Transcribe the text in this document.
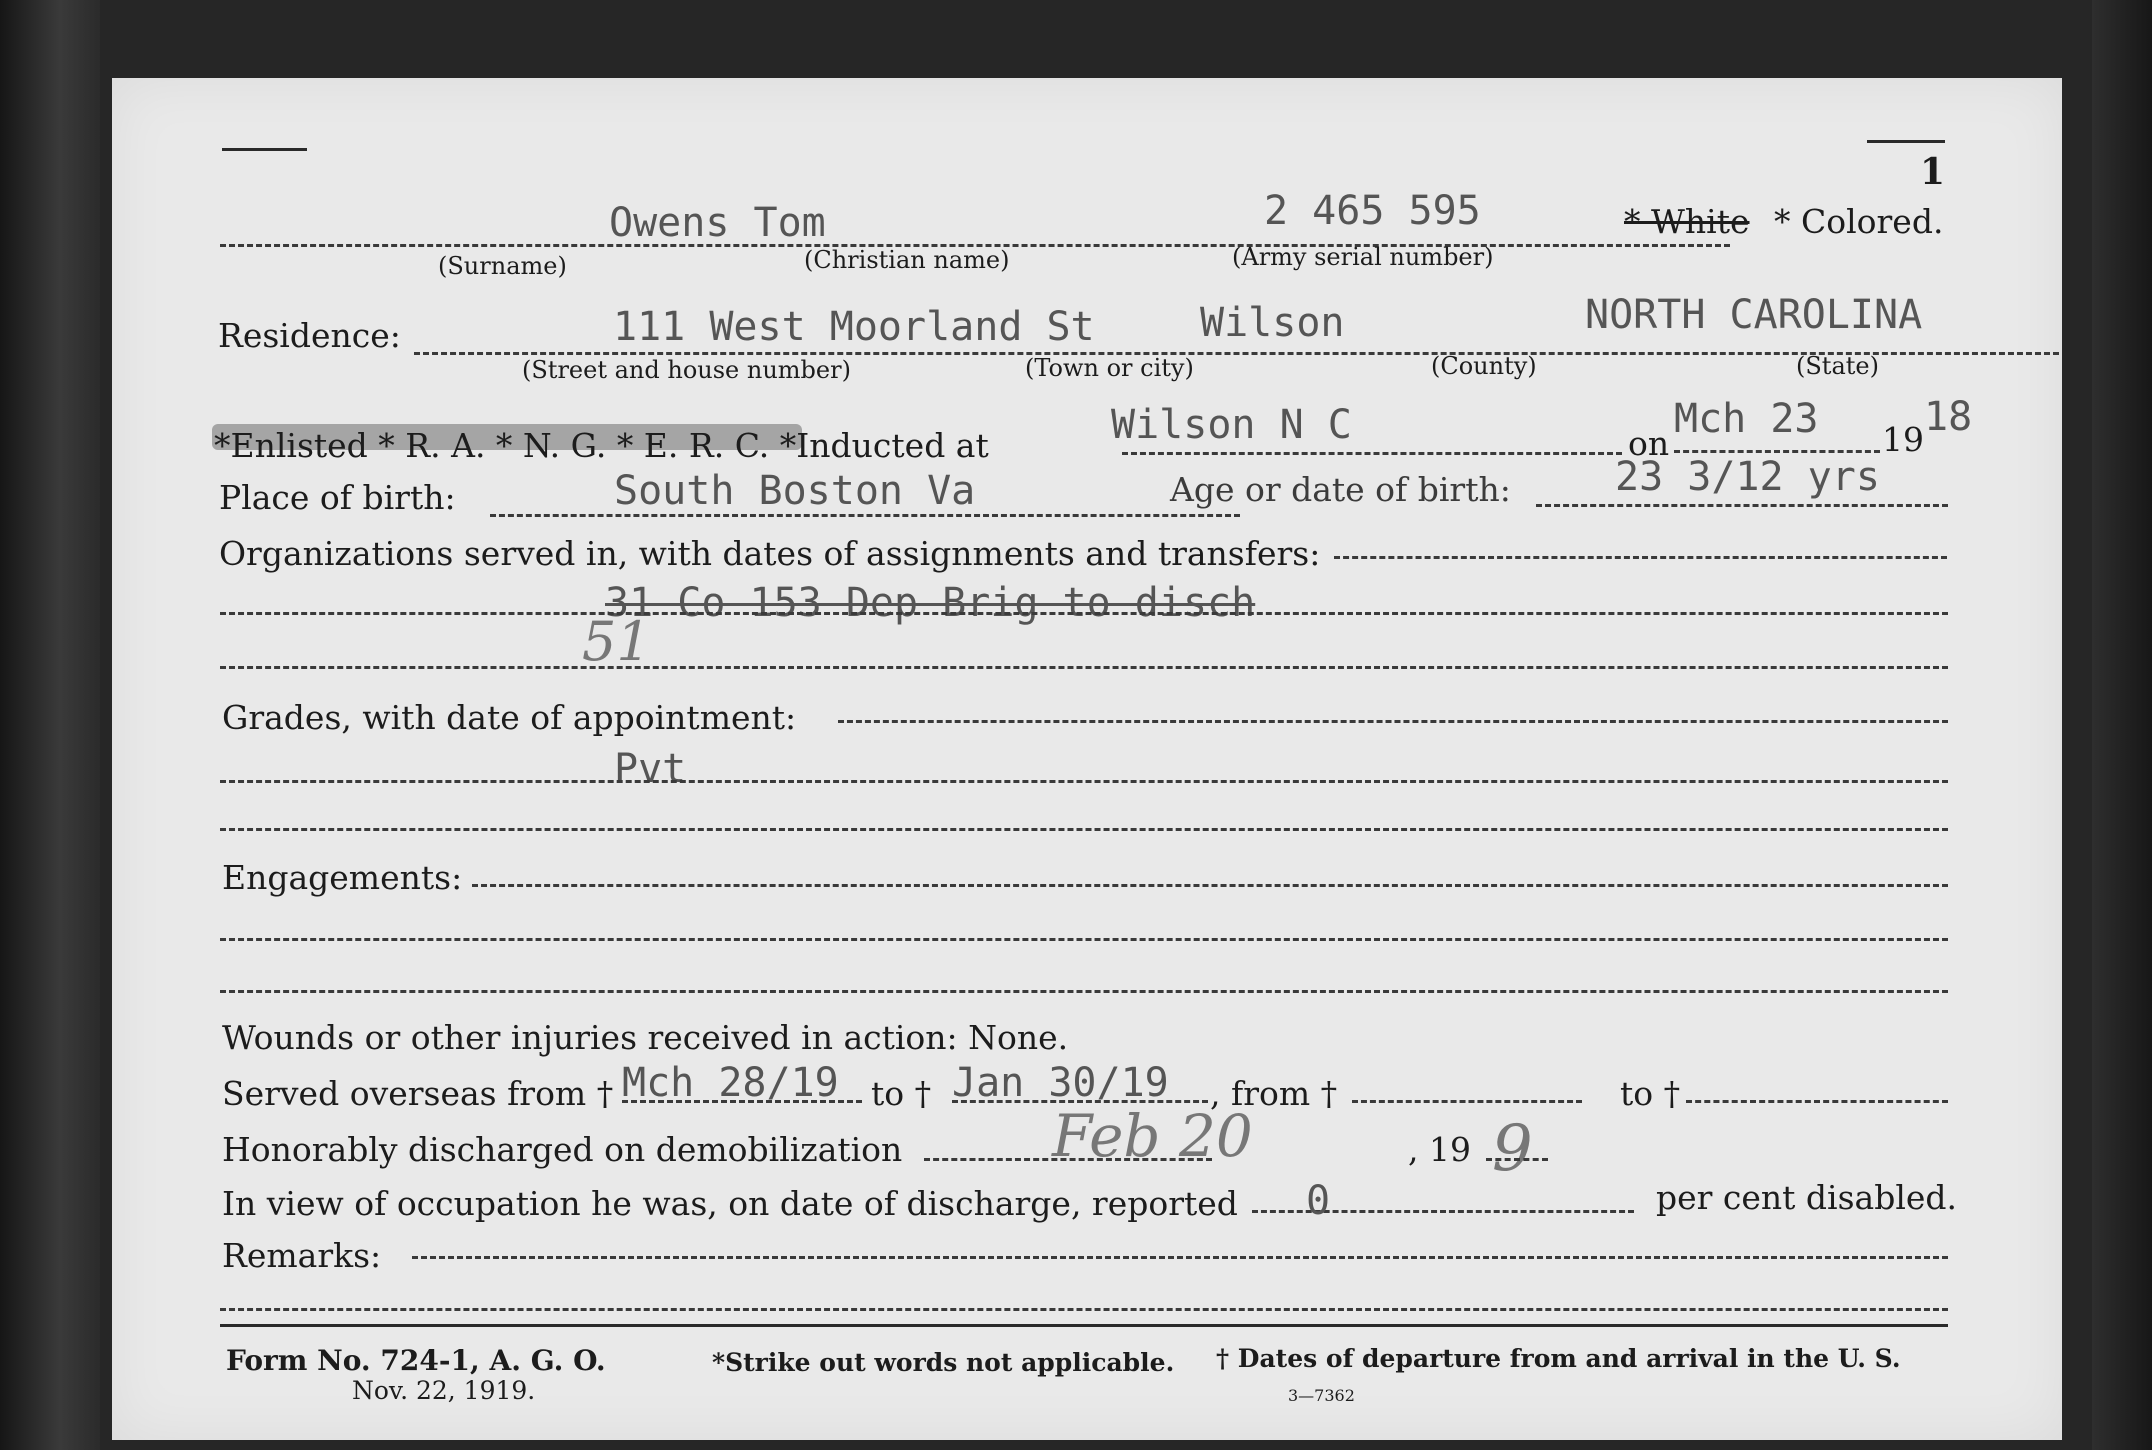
1
Owens Tom	2 465 595	* White * Colored.
(Surname)	(Christian name)	(Army serial number)
Residence:	111 West Moorland St	Wilson	NORTH CAROLINA
(Street and house number)	(Town or city)	(County)	(State)
*Enlisted * R. A. * N. G. * E. R. C. *Inducted at	Wilson N C	on
Mch 23 19 18
Place of birth:	South Boston Va	Age or date of birth:	23 3/12 yrs
Organizations served in, with dates of assignments and transfers:
31 Co 153 Dep Brig to disch
51
Grades, with date of appointment:
Pvt
Engagements:
Wounds or other injuries received in action: None.
Served overseas from † Mch 28/19 to † Jan 30/19 , from †	to †
Honorably discharged on demobilization	Feb 20	, 19 9
In view of occupation he was, on date of discharge, reported 0	per cent disabled.
Remarks:
Form No. 724-1, A. G. O.
Nov. 22, 1919.
*Strike out words not applicable. † Dates of departure from and arrival in the U. S.
3—7362
